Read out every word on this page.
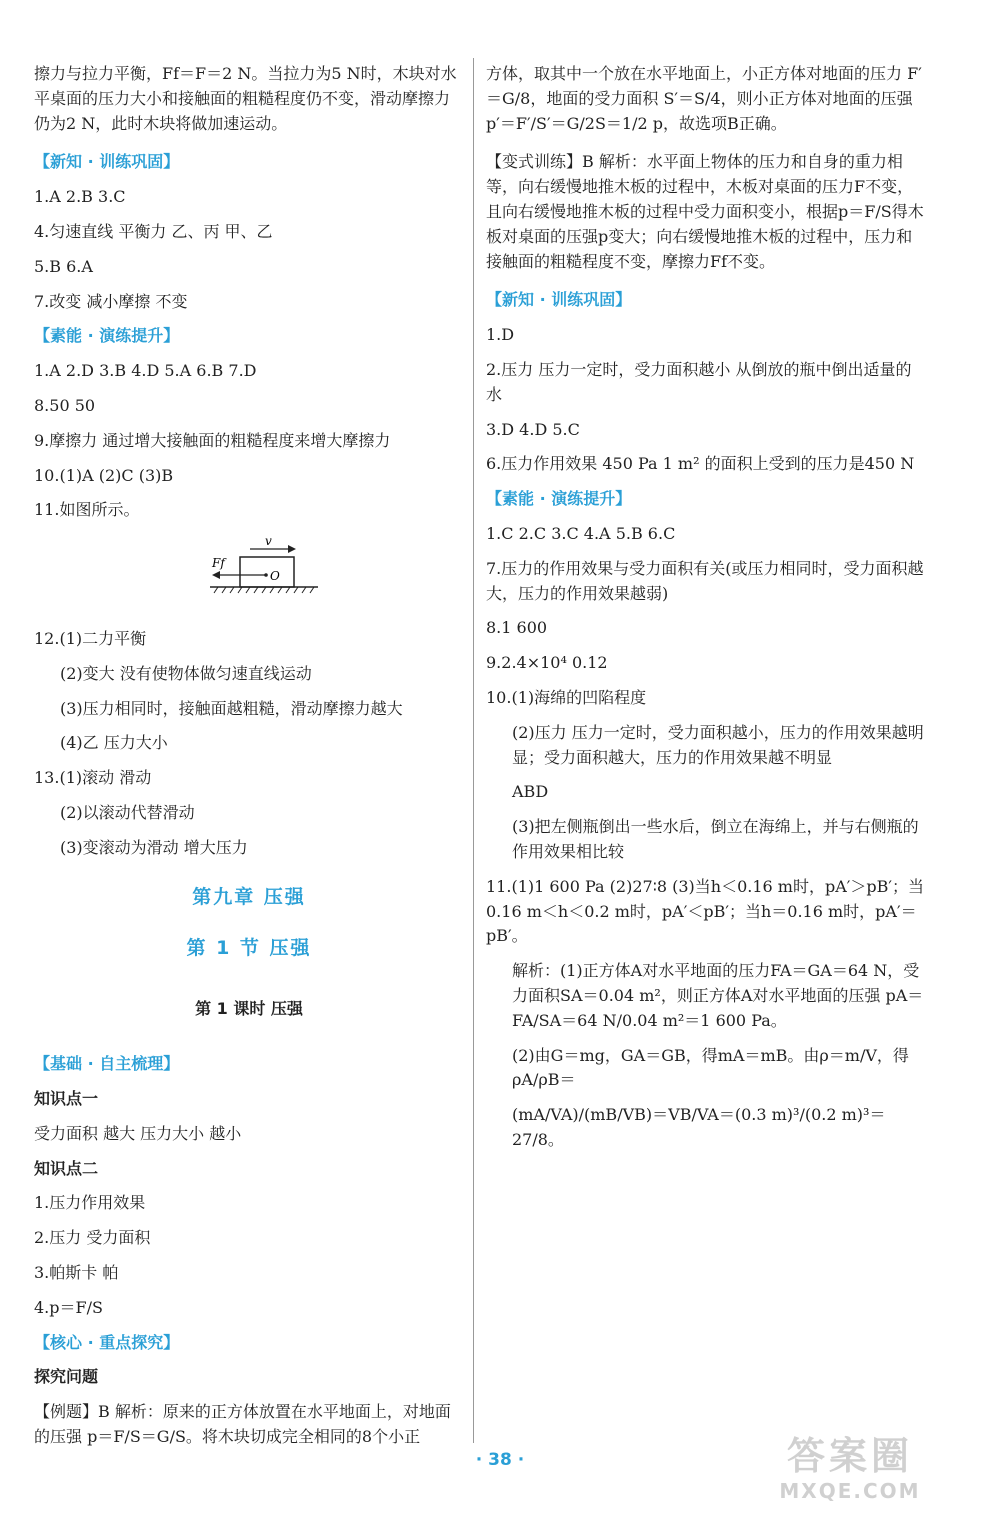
擦力与拉力平衡，Ff＝F＝2 N。当拉力为5 N时，木块对水平桌面的压力大小和接触面的粗糙程度仍不变，滑动摩擦力仍为2 N，此时木块将做加速运动。

【新知 · 训练巩固】
1.A 2.B 3.C
4.匀速直线 平衡力 乙、丙 甲、乙
5.B 6.A
7.改变 减小摩擦 不变
【素能 · 演练提升】
1.A 2.D 3.B 4.D 5.A 6.B 7.D
8.50 50
9.摩擦力 通过增大接触面的粗糙程度来增大摩擦力
10.(1)A (2)C (3)B
11.如图所示。
v
Ff
O
12.(1)二力平衡
(2)变大 没有使物体做匀速直线运动
(3)压力相同时，接触面越粗糙，滑动摩擦力越大
(4)乙 压力大小
13.(1)滚动 滑动
(2)以滚动代替滑动
(3)变滚动为滑动 增大压力
第九章 压强
第 1 节 压强
第 1 课时 压强
【基础 · 自主梳理】
知识点一
受力面积 越大 压力大小 越小
知识点二
1.压力作用效果
2.压力 受力面积
3.帕斯卡 帕
4.p＝F/S
【核心 · 重点探究】
探究问题

【例题】B 解析：原来的正方体放置在水平地面上，对地面的压强 p＝F/S＝G/S。将木块切成完全相同的8个小正

方体，取其中一个放在水平地面上，小正方体对地面的压力 F′＝G/8，地面的受力面积 S′＝S/4，则小正方体对地面的压强 p′＝F′/S′＝G/2S＝1/2 p，故选项B正确。

【变式训练】B 解析：水平面上物体的压力和自身的重力相等，向右缓慢地推木板的过程中，木板对桌面的压力F不变，且向右缓慢地推木板的过程中受力面积变小，根据p＝F/S得木板对桌面的压强p变大；向右缓慢地推木板的过程中，压力和接触面的粗糙程度不变，摩擦力Ff不变。

【新知 · 训练巩固】
1.D
2.压力 压力一定时，受力面积越小 从倒放的瓶中倒出适量的水
3.D 4.D 5.C
6.压力作用效果 450 Pa 1 m² 的面积上受到的压力是450 N
【素能 · 演练提升】
1.C 2.C 3.C 4.A 5.B 6.C
7.压力的作用效果与受力面积有关(或压力相同时，受力面积越大，压力的作用效果越弱)
8.1 600
9.2.4×10⁴ 0.12
10.(1)海绵的凹陷程度
(2)压力 压力一定时，受力面积越小，压力的作用效果越明显；受力面积越大，压力的作用效果越不明显
ABD
(3)把左侧瓶倒出一些水后，倒立在海绵上，并与右侧瓶的作用效果相比较
11.(1)1 600 Pa (2)27∶8 (3)当h＜0.16 m时，pA′＞pB′；当0.16 m＜h＜0.2 m时，pA′＜pB′；当h＝0.16 m时，pA′＝pB′。
解析：(1)正方体A对水平地面的压力FA＝GA＝64 N，受力面积SA＝0.04 m²，则正方体A对水平地面的压强 pA＝FA/SA＝64 N/0.04 m²＝1 600 Pa。
(2)由G＝mg，GA＝GB，得mA＝mB。由ρ＝m/V，得ρA/ρB＝
(mA/VA)/(mB/VB)＝VB/VA＝(0.3 m)³/(0.2 m)³＝27/8。
· 38 ·	答案圈
MXQE.COM
